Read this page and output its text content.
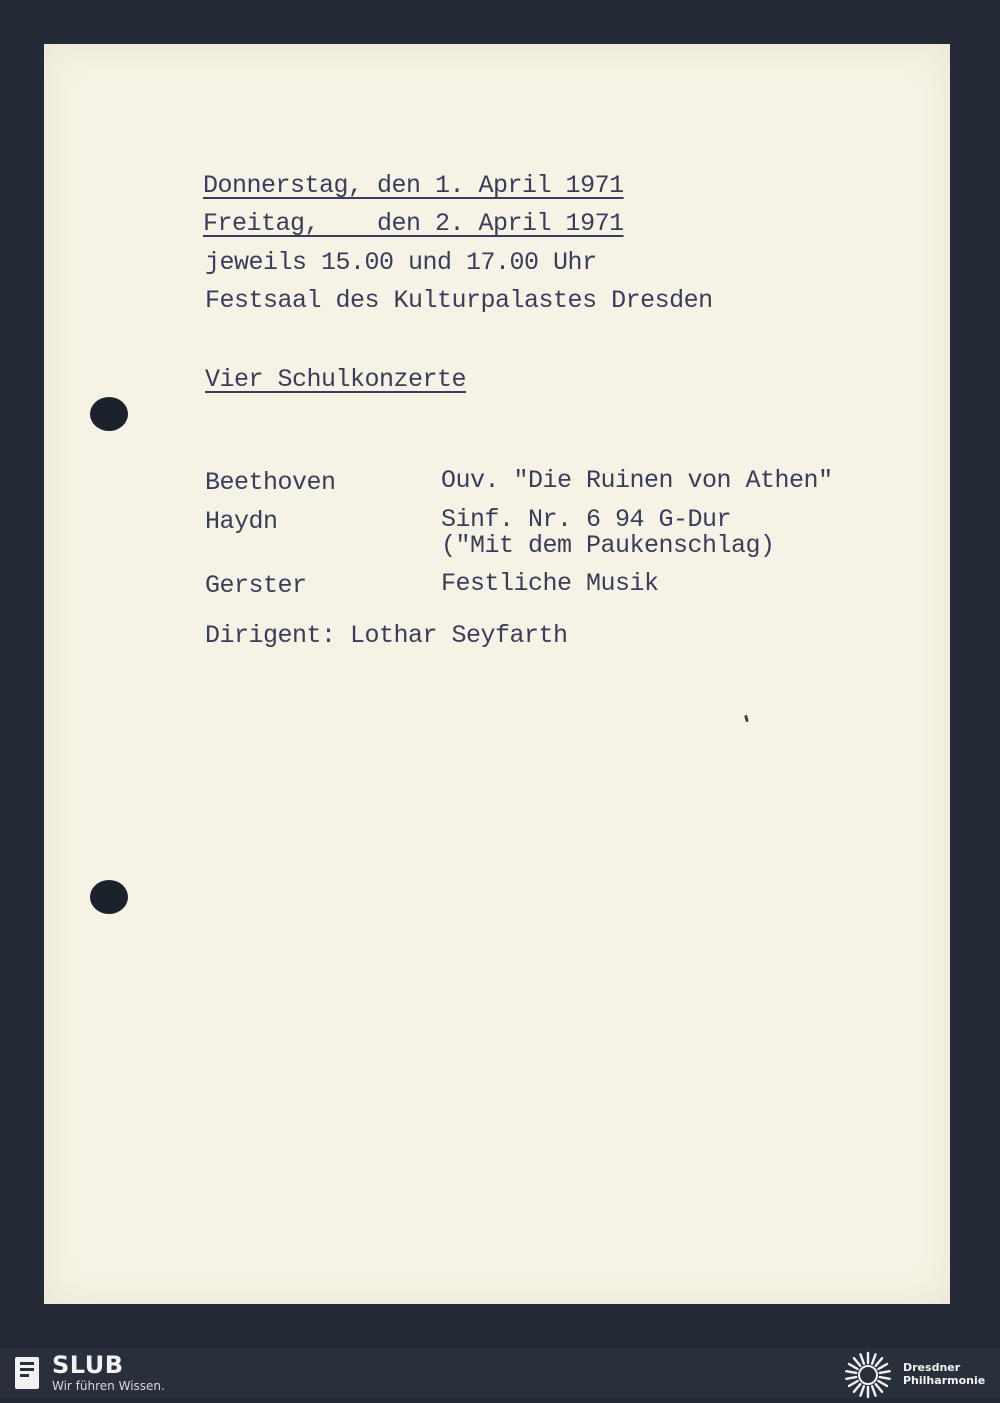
Donnerstag, den 1. April 1971
Freitag,    den 2. April 1971
jeweils 15.00 und 17.00 Uhr
Festsaal des Kulturpalastes Dresden
Vier Schulkonzerte
Beethoven	Ouv. "Die Ruinen von Athen"
Haydn	Sinf. Nr. 6 94 G-Dur
("Mit dem Paukenschlag)
Gerster	Festliche Musik
Dirigent: Lothar Seyfarth
SLUB
Wir führen Wissen.
Dresdner
Philharmonie
